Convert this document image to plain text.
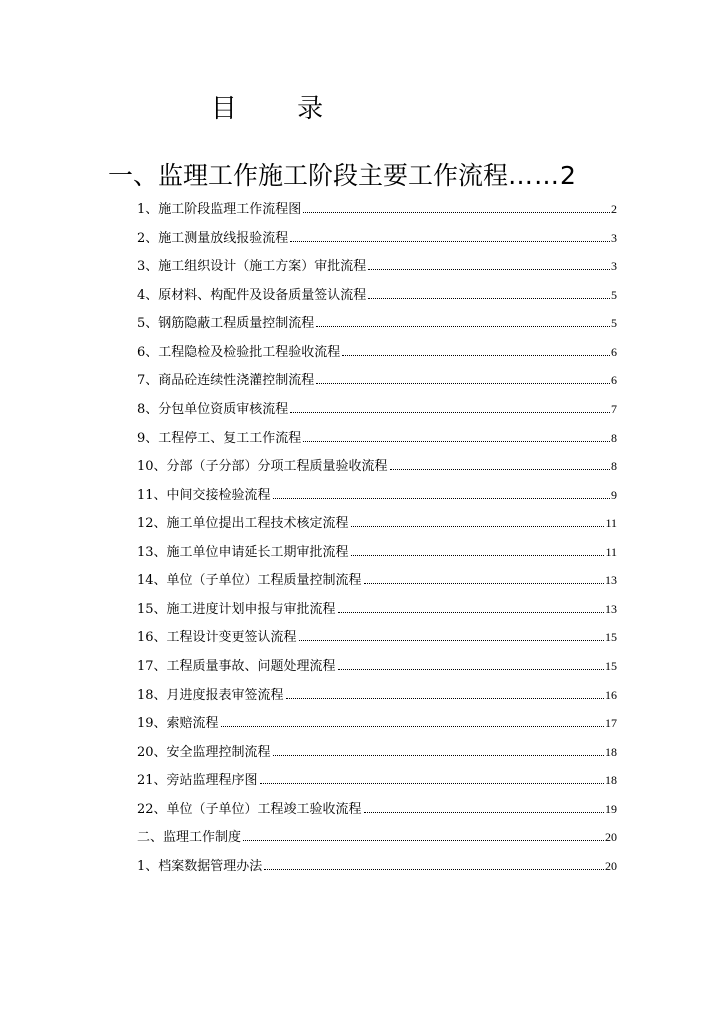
目 录
一、监理工作施工阶段主要工作流程 …… 2
1、施工阶段监理工作流程图	2
2、施工测量放线报验流程	3
3、施工组织设计（施工方案）审批流程	3
4、原材料、构配件及设备质量签认流程	5
5、钢筋隐蔽工程质量控制流程	5
6、工程隐检及检验批工程验收流程	6
7、商品砼连续性浇灌控制流程	6
8、分包单位资质审核流程	7
9、工程停工、复工工作流程	8
10、分部（子分部）分项工程质量验收流程	8
11、中间交接检验流程	9
12、施工单位提出工程技术核定流程	11
13、施工单位申请延长工期审批流程	11
14、单位（子单位）工程质量控制流程	13
15、施工进度计划申报与审批流程	13
16、工程设计变更签认流程	15
17、工程质量事故、问题处理流程	15
18、月进度报表审签流程	16
19、索赔流程	17
20、安全监理控制流程	18
21、旁站监理程序图	18
22、单位（子单位）工程竣工验收流程	19
二、监理工作制度	20
1、档案数据管理办法	20
